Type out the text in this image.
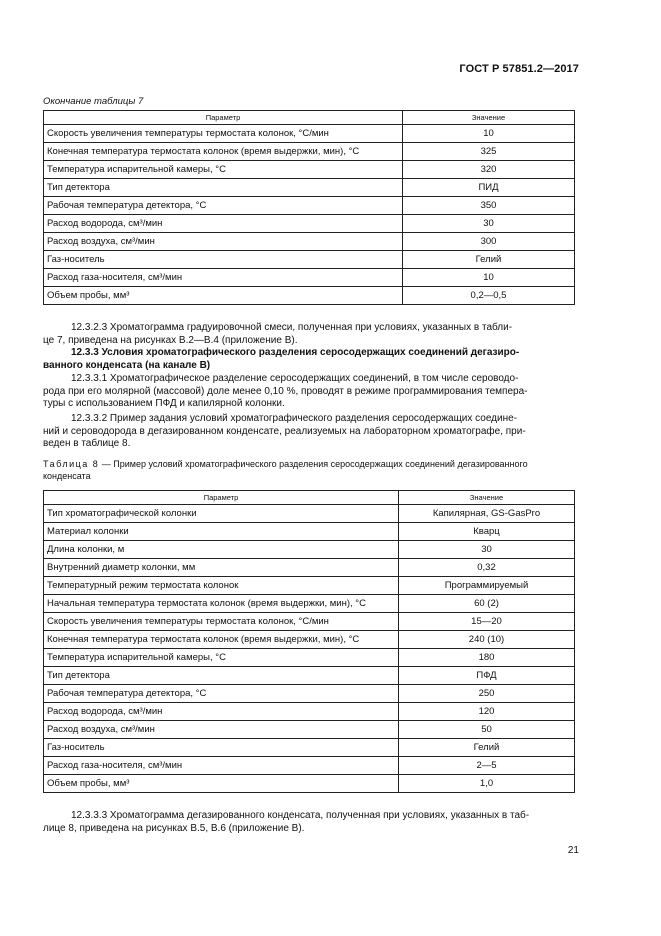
ГОСТ Р 57851.2—2017
Окончание таблицы 7
Параметр	Значение
Скорость увеличения температуры термостата колонок, °С/мин	10
Конечная температура термостата колонок (время выдержки, мин), °С	325
Температура испарительной камеры, °С	320
Тип детектора	ПИД
Рабочая температура детектора, °С	350
Расход водорода, см³/мин	30
Расход воздуха, см³/мин	300
Газ-носитель	Гелий
Расход газа-носителя, см³/мин	10
Объем пробы, мм³	0,2—0,5
12.3.2.3 Хроматограмма градуировочной смеси, полученная при условиях, указанных в табли-
це 7, приведена на рисунках В.2—В.4 (приложение В).
12.3.3 Условия хроматографического разделения серосодержащих соединений дегазиро-
ванного конденсата (на канале В)
12.3.3.1 Хроматографическое разделение серосодержащих соединений, в том числе сероводо-
рода при его молярной (массовой) доле менее 0,10 %, проводят в режиме программирования темпера-
туры с использованием ПФД и капилярной колонки.
12.3.3.2 Пример задания условий хроматографического разделения серосодержащих соедине-
ний и сероводорода в дегазированном конденсате, реализуемых на лабораторном хроматографе, при-
веден в таблице 8.
Таблица 8 — Пример условий хроматографического разделения серосодержащих соединений дегазированного
конденсата
Параметр	Значение
Тип хроматографической колонки	Капилярная, GS-GasPro
Материал колонки	Кварц
Длина колонки, м	30
Внутренний диаметр колонки, мм	0,32
Температурный режим термостата колонок	Программируемый
Начальная температура термостата колонок (время выдержки, мин), °С	60 (2)
Скорость увеличения температуры термостата колонок, °С/мин	15—20
Конечная температура термостата колонок (время выдержки, мин), °С	240 (10)
Температура испарительной камеры, °С	180
Тип детектора	ПФД
Рабочая температура детектора, °С	250
Расход водорода, см³/мин	120
Расход воздуха, см³/мин	50
Газ-носитель	Гелий
Расход газа-носителя, см³/мин	2—5
Объем пробы, мм³	1,0
12.3.3.3 Хроматограмма дегазированного конденсата, полученная при условиях, указанных в таб-
лице 8, приведена на рисунках В.5, В.6 (приложение В).
21
